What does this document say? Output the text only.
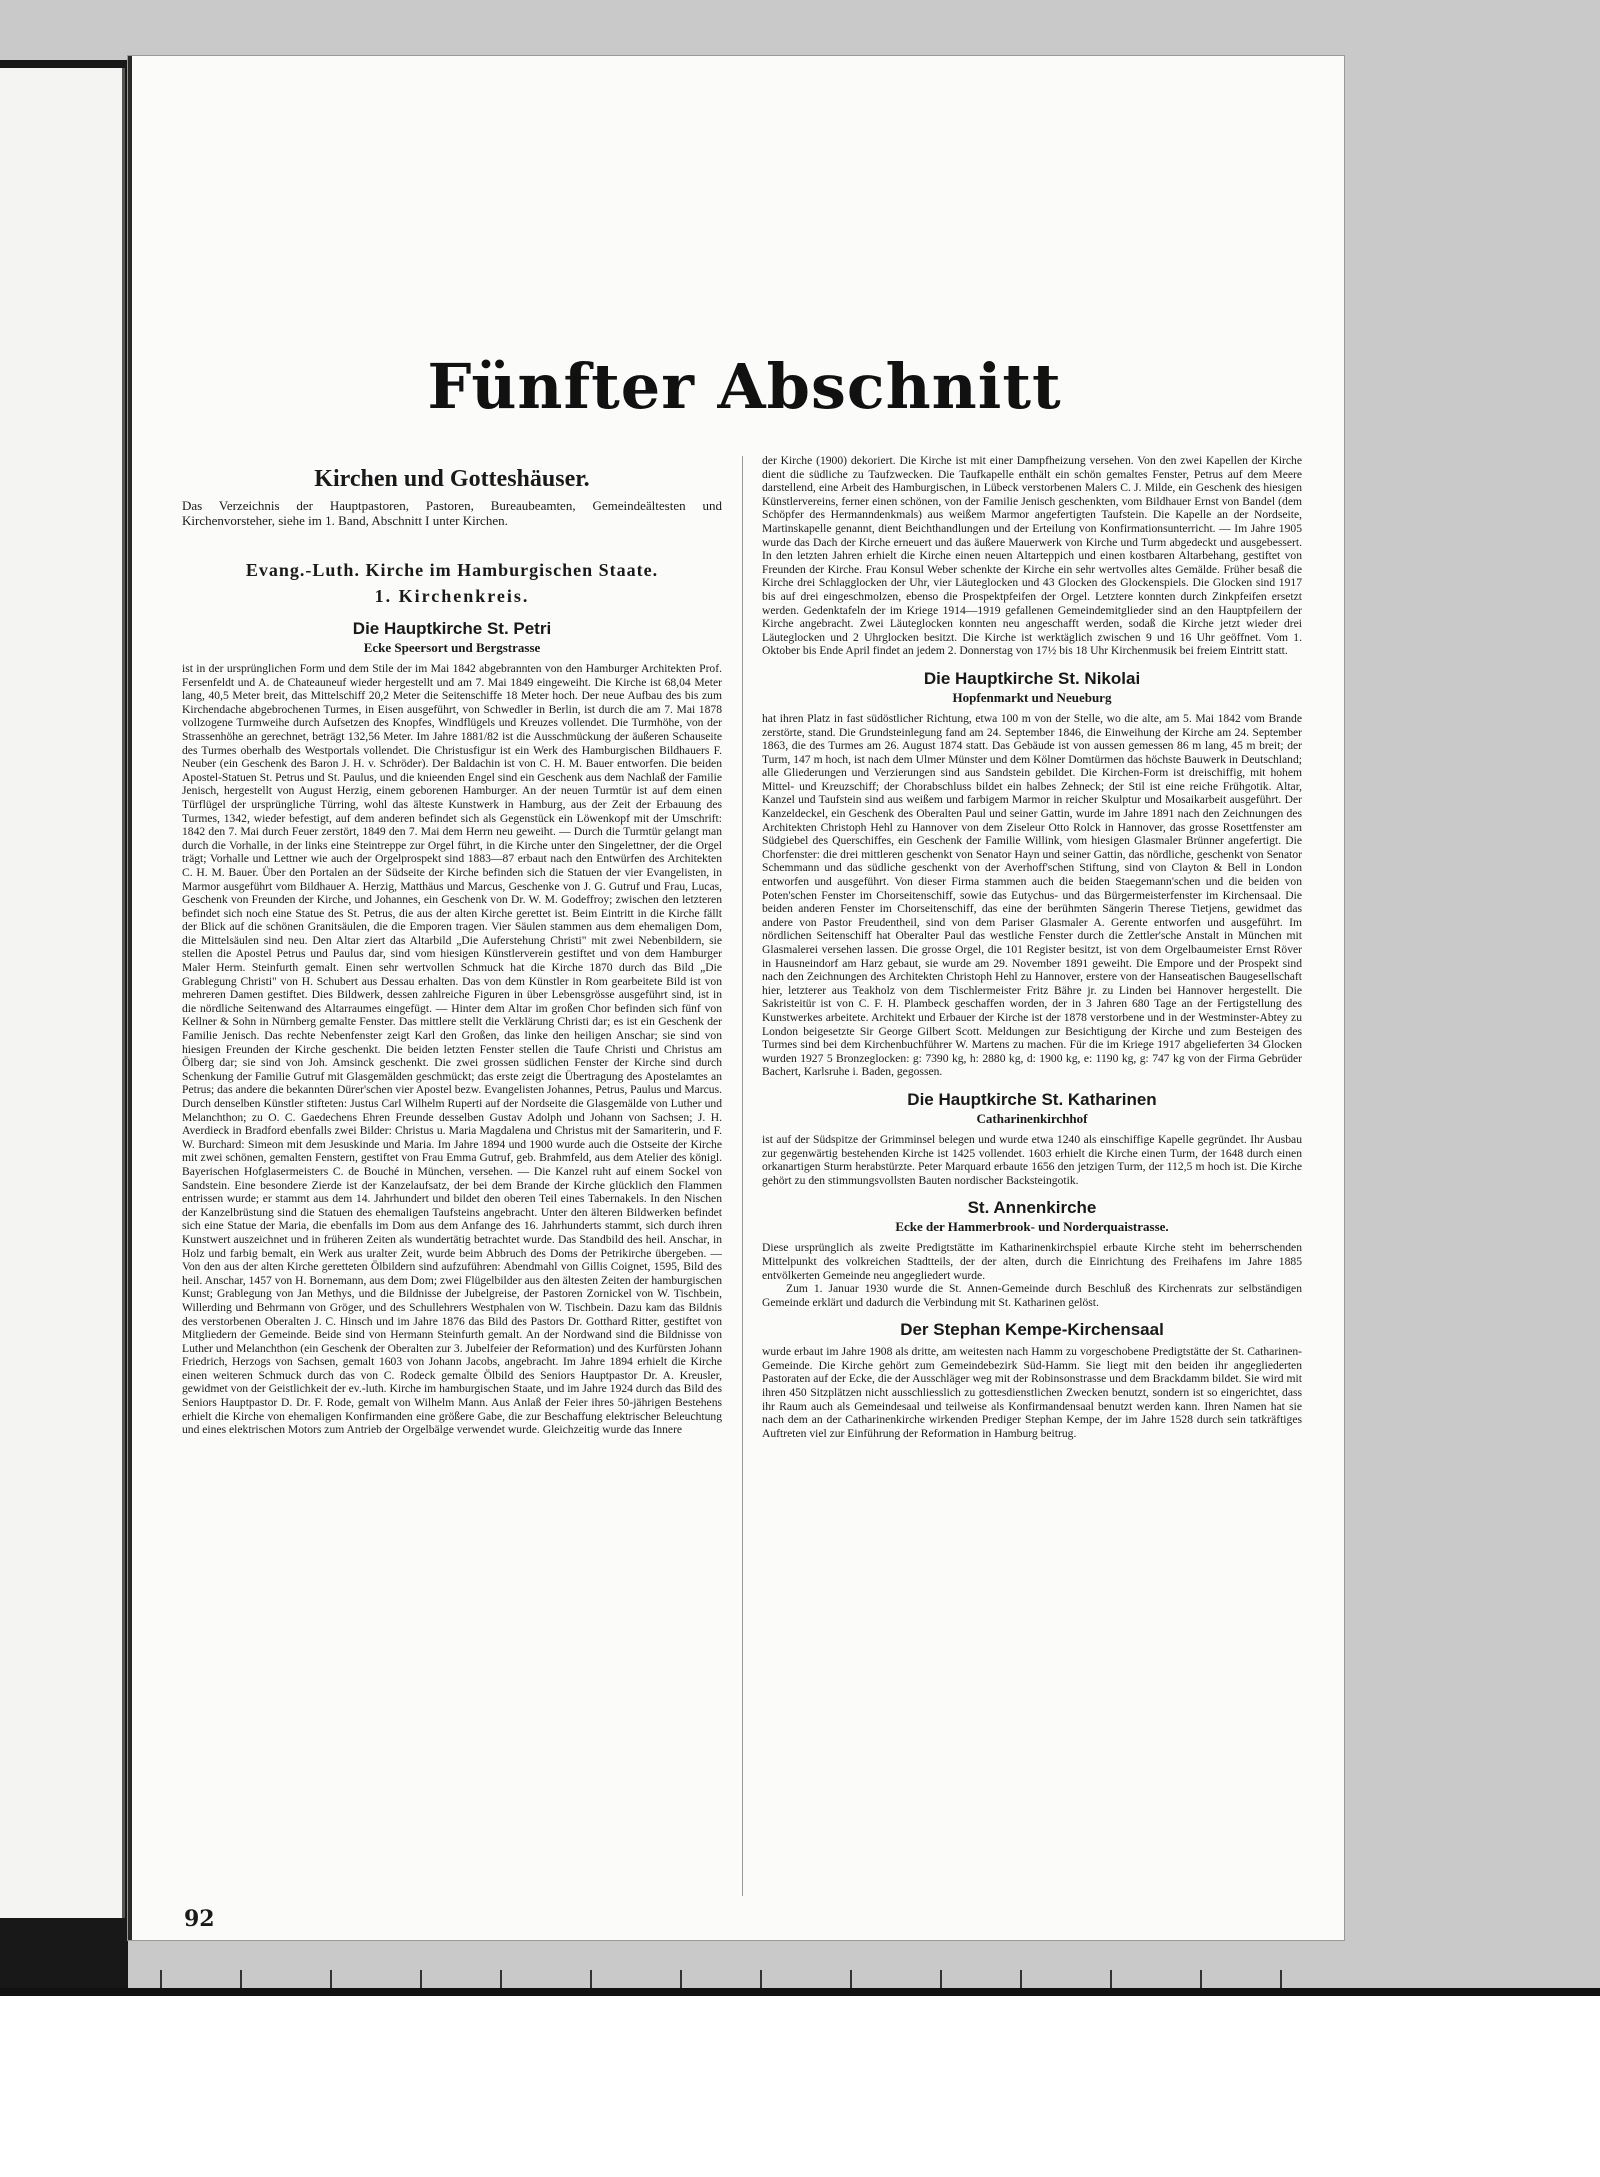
Fünfter Abschnitt
Kirchen und Gotteshäuser.

Das Verzeichnis der Hauptpastoren, Pastoren, Bureaubeamten, Gemeindeältesten und Kirchenvorsteher, siehe im 1. Band, Abschnitt I unter Kirchen.

Evang.-Luth. Kirche im Hamburgischen Staate.
1. Kirchenkreis.
Die Hauptkirche St. Petri
Ecke Speersort und Bergstrasse

ist in der ursprünglichen Form und dem Stile der im Mai 1842 abgebrannten von den Hamburger Architekten Prof. Fersenfeldt und A. de Chateauneuf wieder hergestellt und am 7. Mai 1849 eingeweiht. Die Kirche ist 68,04 Meter lang, 40,5 Meter breit, das Mittelschiff 20,2 Meter die Seitenschiffe 18 Meter hoch. Der neue Aufbau des bis zum Kirchendache abgebrochenen Turmes, in Eisen ausgeführt, von Schwedler in Berlin, ist durch die am 7. Mai 1878 vollzogene Turmweihe durch Aufsetzen des Knopfes, Windflügels und Kreuzes vollendet. Die Turmhöhe, von der Strassenhöhe an gerechnet, beträgt 132,56 Meter. Im Jahre 1881/82 ist die Ausschmückung der äußeren Schauseite des Turmes oberhalb des Westportals vollendet. Die Christusfigur ist ein Werk des Hamburgischen Bildhauers F. Neuber (ein Geschenk des Baron J. H. v. Schröder). Der Baldachin ist von C. H. M. Bauer entworfen. Die beiden Apostel-Statuen St. Petrus und St. Paulus, und die knieenden Engel sind ein Geschenk aus dem Nachlaß der Familie Jenisch, hergestellt von August Herzig, einem geborenen Hamburger. An der neuen Turmtür ist auf dem einen Türflügel der ursprüngliche Türring, wohl das älteste Kunstwerk in Hamburg, aus der Zeit der Erbauung des Turmes, 1342, wieder befestigt, auf dem anderen befindet sich als Gegenstück ein Löwenkopf mit der Umschrift: 1842 den 7. Mai durch Feuer zerstört, 1849 den 7. Mai dem Herrn neu geweiht. — Durch die Turmtür gelangt man durch die Vorhalle, in der links eine Steintreppe zur Orgel führt, in die Kirche unter den Singelettner, der die Orgel trägt; Vorhalle und Lettner wie auch der Orgelprospekt sind 1883—87 erbaut nach den Entwürfen des Architekten C. H. M. Bauer. Über den Portalen an der Südseite der Kirche befinden sich die Statuen der vier Evangelisten, in Marmor ausgeführt vom Bildhauer A. Herzig, Matthäus und Marcus, Geschenke von J. G. Gutruf und Frau, Lucas, Geschenk von Freunden der Kirche, und Johannes, ein Geschenk von Dr. W. M. Godeffroy; zwischen den letzteren befindet sich noch eine Statue des St. Petrus, die aus der alten Kirche gerettet ist. Beim Eintritt in die Kirche fällt der Blick auf die schönen Granitsäulen, die die Emporen tragen. Vier Säulen stammen aus dem ehemaligen Dom, die Mittelsäulen sind neu. Den Altar ziert das Altarbild „Die Auferstehung Christi" mit zwei Nebenbildern, sie stellen die Apostel Petrus und Paulus dar, sind vom hiesigen Künstlerverein gestiftet und von dem Hamburger Maler Herm. Steinfurth gemalt. Einen sehr wertvollen Schmuck hat die Kirche 1870 durch das Bild „Die Grablegung Christi" von H. Schubert aus Dessau erhalten. Das von dem Künstler in Rom gearbeitete Bild ist von mehreren Damen gestiftet. Dies Bildwerk, dessen zahlreiche Figuren in über Lebensgrösse ausgeführt sind, ist in die nördliche Seitenwand des Altarraumes eingefügt. — Hinter dem Altar im großen Chor befinden sich fünf von Kellner & Sohn in Nürnberg gemalte Fenster. Das mittlere stellt die Verklärung Christi dar; es ist ein Geschenk der Familie Jenisch. Das rechte Nebenfenster zeigt Karl den Großen, das linke den heiligen Anschar; sie sind von hiesigen Freunden der Kirche geschenkt. Die beiden letzten Fenster stellen die Taufe Christi und Christus am Ölberg dar; sie sind von Joh. Amsinck geschenkt. Die zwei grossen südlichen Fenster der Kirche sind durch Schenkung der Familie Gutruf mit Glasgemälden geschmückt; das erste zeigt die Übertragung des Apostelamtes an Petrus; das andere die bekannten Dürer'schen vier Apostel bezw. Evangelisten Johannes, Petrus, Paulus und Marcus. Durch denselben Künstler stifteten: Justus Carl Wilhelm Ruperti auf der Nordseite die Glasgemälde von Luther und Melanchthon; zu O. C. Gaedechens Ehren Freunde desselben Gustav Adolph und Johann von Sachsen; J. H. Averdieck in Bradford ebenfalls zwei Bilder: Christus u. Maria Magdalena und Christus mit der Samariterin, und F. W. Burchard: Simeon mit dem Jesuskinde und Maria. Im Jahre 1894 und 1900 wurde auch die Ostseite der Kirche mit zwei schönen, gemalten Fenstern, gestiftet von Frau Emma Gutruf, geb. Brahmfeld, aus dem Atelier des königl. Bayerischen Hofglasermeisters C. de Bouché in München, versehen. — Die Kanzel ruht auf einem Sockel von Sandstein. Eine besondere Zierde ist der Kanzelaufsatz, der bei dem Brande der Kirche glücklich den Flammen entrissen wurde; er stammt aus dem 14. Jahrhundert und bildet den oberen Teil eines Tabernakels. In den Nischen der Kanzelbrüstung sind die Statuen des ehemaligen Taufsteins angebracht. Unter den älteren Bildwerken befindet sich eine Statue der Maria, die ebenfalls im Dom aus dem Anfange des 16. Jahrhunderts stammt, sich durch ihren Kunstwert auszeichnet und in früheren Zeiten als wundertätig betrachtet wurde. Das Standbild des heil. Anschar, in Holz und farbig bemalt, ein Werk aus uralter Zeit, wurde beim Abbruch des Doms der Petrikirche übergeben. — Von den aus der alten Kirche geretteten Ölbildern sind aufzuführen: Abendmahl von Gillis Coignet, 1595, Bild des heil. Anschar, 1457 von H. Bornemann, aus dem Dom; zwei Flügelbilder aus den ältesten Zeiten der hamburgischen Kunst; Grablegung von Jan Methys, und die Bildnisse der Jubelgreise, der Pastoren Zornickel von W. Tischbein, Willerding und Behrmann von Gröger, und des Schullehrers Westphalen von W. Tischbein. Dazu kam das Bildnis des verstorbenen Oberalten J. C. Hinsch und im Jahre 1876 das Bild des Pastors Dr. Gotthard Ritter, gestiftet von Mitgliedern der Gemeinde. Beide sind von Hermann Steinfurth gemalt. An der Nordwand sind die Bildnisse von Luther und Melanchthon (ein Geschenk der Oberalten zur 3. Jubelfeier der Reformation) und des Kurfürsten Johann Friedrich, Herzogs von Sachsen, gemalt 1603 von Johann Jacobs, angebracht. Im Jahre 1894 erhielt die Kirche einen weiteren Schmuck durch das von C. Rodeck gemalte Ölbild des Seniors Hauptpastor Dr. A. Kreusler, gewidmet von der Geistlichkeit der ev.-luth. Kirche im hamburgischen Staate, und im Jahre 1924 durch das Bild des Seniors Hauptpastor D. Dr. F. Rode, gemalt von Wilhelm Mann. Aus Anlaß der Feier ihres 50-jährigen Bestehens erhielt die Kirche von ehemaligen Konfirmanden eine größere Gabe, die zur Beschaffung elektrischer Beleuchtung und eines elektrischen Motors zum Antrieb der Orgelbälge verwendet wurde. Gleichzeitig wurde das Innere

der Kirche (1900) dekoriert. Die Kirche ist mit einer Dampfheizung versehen. Von den zwei Kapellen der Kirche dient die südliche zu Taufzwecken. Die Taufkapelle enthält ein schön gemaltes Fenster, Petrus auf dem Meere darstellend, eine Arbeit des Hamburgischen, in Lübeck verstorbenen Malers C. J. Milde, ein Geschenk des hiesigen Künstlervereins, ferner einen schönen, von der Familie Jenisch geschenkten, vom Bildhauer Ernst von Bandel (dem Schöpfer des Hermanndenkmals) aus weißem Marmor angefertigten Taufstein. Die Kapelle an der Nordseite, Martinskapelle genannt, dient Beichthandlungen und der Erteilung von Konfirmationsunterricht. — Im Jahre 1905 wurde das Dach der Kirche erneuert und das äußere Mauerwerk von Kirche und Turm abgedeckt und ausgebessert. In den letzten Jahren erhielt die Kirche einen neuen Altarteppich und einen kostbaren Altarbehang, gestiftet von Freunden der Kirche. Frau Konsul Weber schenkte der Kirche ein sehr wertvolles altes Gemälde. Früher besaß die Kirche drei Schlagglocken der Uhr, vier Läuteglocken und 43 Glocken des Glockenspiels. Die Glocken sind 1917 bis auf drei eingeschmolzen, ebenso die Prospektpfeifen der Orgel. Letztere konnten durch Zinkpfeifen ersetzt werden. Gedenktafeln der im Kriege 1914—1919 gefallenen Gemeindemitglieder sind an den Hauptpfeilern der Kirche angebracht. Zwei Läuteglocken konnten neu angeschafft werden, sodaß die Kirche jetzt wieder drei Läuteglocken und 2 Uhrglocken besitzt. Die Kirche ist werktäglich zwischen 9 und 16 Uhr geöffnet. Vom 1. Oktober bis Ende April findet an jedem 2. Donnerstag von 17½ bis 18 Uhr Kirchenmusik bei freiem Eintritt statt.

Die Hauptkirche St. Nikolai
Hopfenmarkt und Neueburg

hat ihren Platz in fast südöstlicher Richtung, etwa 100 m von der Stelle, wo die alte, am 5. Mai 1842 vom Brande zerstörte, stand. Die Grundsteinlegung fand am 24. September 1846, die Einweihung der Kirche am 24. September 1863, die des Turmes am 26. August 1874 statt. Das Gebäude ist von aussen gemessen 86 m lang, 45 m breit; der Turm, 147 m hoch, ist nach dem Ulmer Münster und dem Kölner Domtürmen das höchste Bauwerk in Deutschland; alle Gliederungen und Verzierungen sind aus Sandstein gebildet. Die Kirchen-Form ist dreischiffig, mit hohem Mittel- und Kreuzschiff; der Chorabschluss bildet ein halbes Zehneck; der Stil ist eine reiche Frühgotik. Altar, Kanzel und Taufstein sind aus weißem und farbigem Marmor in reicher Skulptur und Mosaikarbeit ausgeführt. Der Kanzeldeckel, ein Geschenk des Oberalten Paul und seiner Gattin, wurde im Jahre 1891 nach den Zeichnungen des Architekten Christoph Hehl zu Hannover von dem Ziseleur Otto Rolck in Hannover, das grosse Rosettfenster am Südgiebel des Querschiffes, ein Geschenk der Familie Willink, vom hiesigen Glasmaler Brünner angefertigt. Die Chorfenster: die drei mittleren geschenkt von Senator Hayn und seiner Gattin, das nördliche, geschenkt von Senator Schemmann und das südliche geschenkt von der Averhoff'schen Stiftung, sind von Clayton & Bell in London entworfen und ausgeführt. Von dieser Firma stammen auch die beiden Staegemann'schen und die beiden von Poten'schen Fenster im Chorseitenschiff, sowie das Eutychus- und das Bürgermeisterfenster im Kirchensaal. Die beiden anderen Fenster im Chorseitenschiff, das eine der berühmten Sängerin Therese Tietjens, gewidmet das andere von Pastor Freudentheil, sind von dem Pariser Glasmaler A. Gerente entworfen und ausgeführt. Im nördlichen Seitenschiff hat Oberalter Paul das westliche Fenster durch die Zettler'sche Anstalt in München mit Glasmalerei versehen lassen. Die grosse Orgel, die 101 Register besitzt, ist von dem Orgelbaumeister Ernst Röver in Hausneindorf am Harz gebaut, sie wurde am 29. November 1891 geweiht. Die Empore und der Prospekt sind nach den Zeichnungen des Architekten Christoph Hehl zu Hannover, erstere von der Hanseatischen Baugesellschaft hier, letzterer aus Teakholz von dem Tischlermeister Fritz Bähre jr. zu Linden bei Hannover hergestellt. Die Sakristeitür ist von C. F. H. Plambeck geschaffen worden, der in 3 Jahren 680 Tage an der Fertigstellung des Kunstwerkes arbeitete. Architekt und Erbauer der Kirche ist der 1878 verstorbene und in der Westminster-Abtey zu London beigesetzte Sir George Gilbert Scott. Meldungen zur Besichtigung der Kirche und zum Besteigen des Turmes sind bei dem Kirchenbuchführer W. Martens zu machen. Für die im Kriege 1917 abgelieferten 34 Glocken wurden 1927 5 Bronzeglocken: g: 7390 kg, h: 2880 kg, d: 1900 kg, e: 1190 kg, g: 747 kg von der Firma Gebrüder Bachert, Karlsruhe i. Baden, gegossen.

Die Hauptkirche St. Katharinen
Catharinenkirchhof

ist auf der Südspitze der Grimminsel belegen und wurde etwa 1240 als einschiffige Kapelle gegründet. Ihr Ausbau zur gegenwärtig bestehenden Kirche ist 1425 vollendet. 1603 erhielt die Kirche einen Turm, der 1648 durch einen orkanartigen Sturm herabstürzte. Peter Marquard erbaute 1656 den jetzigen Turm, der 112,5 m hoch ist. Die Kirche gehört zu den stimmungsvollsten Bauten nordischer Backsteingotik.

St. Annenkirche
Ecke der Hammerbrook- und Norderquaistrasse.

Diese ursprünglich als zweite Predigtstätte im Katharinenkirchspiel erbaute Kirche steht im beherrschenden Mittelpunkt des volkreichen Stadtteils, der der alten, durch die Einrichtung des Freihafens im Jahre 1885 entvölkerten Gemeinde neu angegliedert wurde.

Zum 1. Januar 1930 wurde die St. Annen-Gemeinde durch Beschluß des Kirchenrats zur selbständigen Gemeinde erklärt und dadurch die Verbindung mit St. Katharinen gelöst.

Der Stephan Kempe-Kirchensaal

wurde erbaut im Jahre 1908 als dritte, am weitesten nach Hamm zu vorgeschobene Predigtstätte der St. Catharinen-Gemeinde. Die Kirche gehört zum Gemeindebezirk Süd-Hamm. Sie liegt mit den beiden ihr angegliederten Pastoraten auf der Ecke, die der Ausschläger weg mit der Robinsonstrasse und dem Brackdamm bildet. Sie wird mit ihren 450 Sitzplätzen nicht ausschliesslich zu gottesdienstlichen Zwecken benutzt, sondern ist so eingerichtet, dass ihr Raum auch als Gemeindesaal und teilweise als Konfirmandensaal benutzt werden kann. Ihren Namen hat sie nach dem an der Catharinenkirche wirkenden Prediger Stephan Kempe, der im Jahre 1528 durch sein tatkräftiges Auftreten viel zur Einführung der Reformation in Hamburg beitrug.

92
